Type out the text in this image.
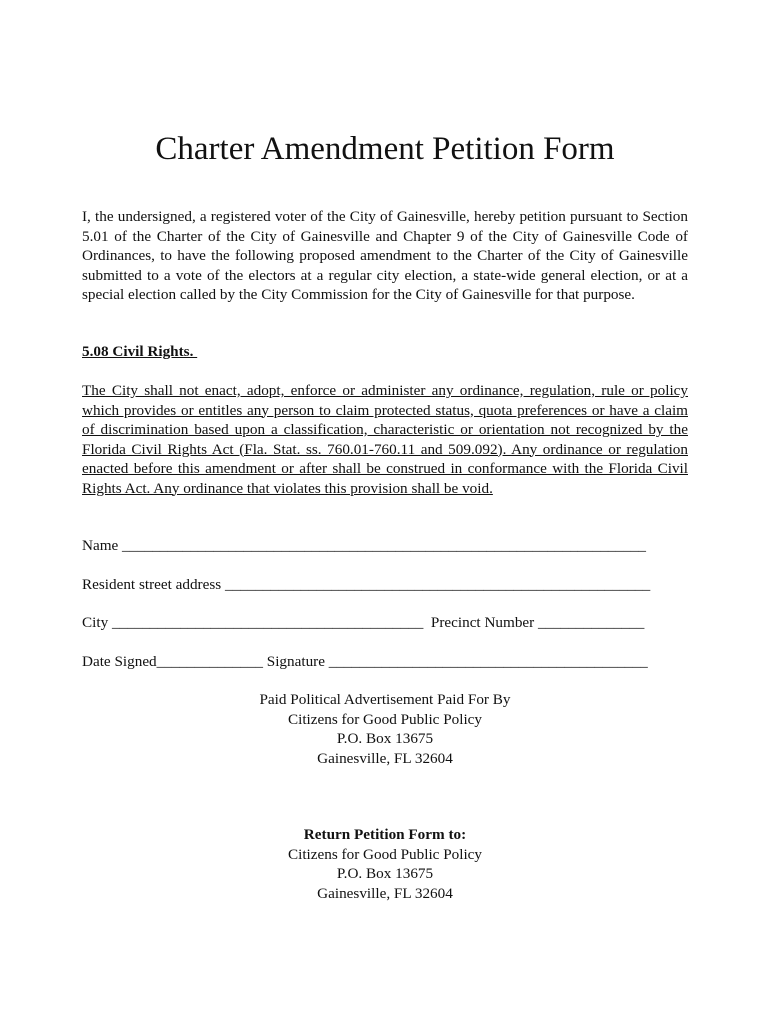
Charter Amendment Petition Form
I, the undersigned, a registered voter of the City of Gainesville, hereby petition pursuant to Section 5.01 of the Charter of the City of Gainesville and Chapter 9 of the City of Gainesville Code of Ordinances, to have the following proposed amendment to the Charter of the City of Gainesville submitted to a vote of the electors at a regular city election, a state-wide general election, or at a special election called by the City Commission for the City of Gainesville for that purpose.
5.08 Civil Rights.
The City shall not enact, adopt, enforce or administer any ordinance, regulation, rule or policy which provides or entitles any person to claim protected status, quota preferences or have a claim of discrimination based upon a classification, characteristic or orientation not recognized by the Florida Civil Rights Act (Fla. Stat. ss. 760.01-760.11 and 509.092). Any ordinance or regulation enacted before this amendment or after shall be construed in conformance with the Florida Civil Rights Act. Any ordinance that violates this provision shall be void.
Name _____________________________________________________________________
Resident street address ________________________________________________________
City _________________________________________  Precinct Number ______________
Date Signed______________ Signature __________________________________________
Paid Political Advertisement Paid For By
Citizens for Good Public Policy
P.O. Box 13675
Gainesville, FL 32604
Return Petition Form to:
Citizens for Good Public Policy
P.O. Box 13675
Gainesville, FL 32604
